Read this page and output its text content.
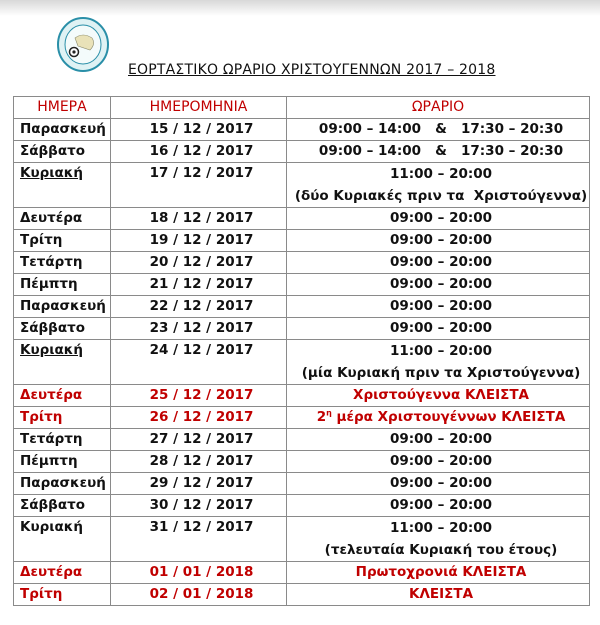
ΕΟΡΤΑΣΤΙΚΟ ΩΡΑΡΙΟ ΧΡΙΣΤΟΥΓΕΝΝΩΝ 2017 – 2018
ΗΜΕΡΑ	ΗΜΕΡΟΜΗΝΙΑ	ΩΡΑΡΙΟ
Παρασκευή	15 / 12 / 2017	09:00 – 14:00   &   17:30 – 20:30
Σάββατο	16 / 12 / 2017	09:00 – 14:00   &   17:30 – 20:30
Κυριακή	17 / 12 / 2017	11:00 – 20:00
(δύο Κυριακές πριν τα  Χριστούγεννα)

Δευτέρα	18 / 12 / 2017	09:00 – 20:00
Τρίτη	19 / 12 / 2017	09:00 – 20:00
Τετάρτη	20 / 12 / 2017	09:00 – 20:00
Πέμπτη	21 / 12 / 2017	09:00 – 20:00
Παρασκευή	22 / 12 / 2017	09:00 – 20:00
Σάββατο	23 / 12 / 2017	09:00 – 20:00
Κυριακή	24 / 12 / 2017	11:00 – 20:00
(μία Κυριακή πριν τα Χριστούγεννα)

Δευτέρα	25 / 12 / 2017	Χριστούγεννα ΚΛΕΙΣΤΑ
Τρίτη	26 / 12 / 2017	$2^\eta$ μέρα Χριστουγέννων ΚΛΕΙΣΤΑ
Τετάρτη	27 / 12 / 2017	09:00 – 20:00
Πέμπτη	28 / 12 / 2017	09:00 – 20:00
Παρασκευή	29 / 12 / 2017	09:00 – 20:00
Σάββατο	30 / 12 / 2017	09:00 – 20:00
Κυριακή	31 / 12 / 2017	11:00 – 20:00
(τελευταία Κυριακή του έτους)

Δευτέρα	01 / 01 / 2018	Πρωτοχρονιά ΚΛΕΙΣΤΑ
Τρίτη	02 / 01 / 2018	ΚΛΕΙΣΤΑ
